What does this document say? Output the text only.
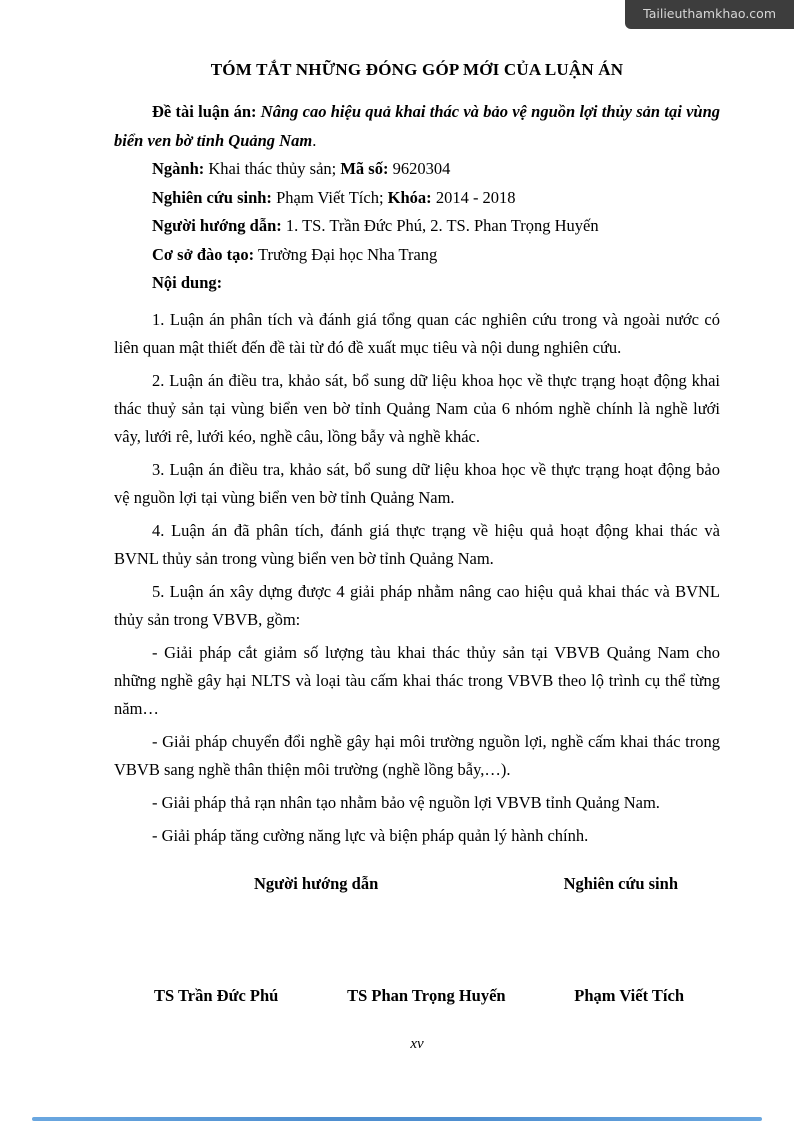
Tailieuthamkhao.com
TÓM TẮT NHỮNG ĐÓNG GÓP MỚI CỦA LUẬN ÁN

Đề tài luận án: Nâng cao hiệu quả khai thác và bảo vệ nguồn lợi thủy sản tại vùng biển ven bờ tỉnh Quảng Nam.

Ngành: Khai thác thủy sản; Mã số: 9620304

Nghiên cứu sinh: Phạm Viết Tích; Khóa: 2014 - 2018

Người hướng dẫn: 1. TS. Trần Đức Phú, 2. TS. Phan Trọng Huyến

Cơ sở đào tạo: Trường Đại học Nha Trang

Nội dung:

1. Luận án phân tích và đánh giá tổng quan các nghiên cứu trong và ngoài nước có liên quan mật thiết đến đề tài từ đó đề xuất mục tiêu và nội dung nghiên cứu.

2. Luận án điều tra, khảo sát, bổ sung dữ liệu khoa học về thực trạng hoạt động khai thác thuỷ sản tại vùng biển ven bờ tỉnh Quảng Nam của 6 nhóm nghề chính là nghề lưới vây, lưới rê, lưới kéo, nghề câu, lồng bẫy và nghề khác.

3. Luận án điều tra, khảo sát, bổ sung dữ liệu khoa học về thực trạng hoạt động bảo vệ nguồn lợi tại vùng biển ven bờ tỉnh Quảng Nam.

4. Luận án đã phân tích, đánh giá thực trạng về hiệu quả hoạt động khai thác và BVNL thủy sản trong vùng biển ven bờ tỉnh Quảng Nam.

5. Luận án xây dựng được 4 giải pháp nhằm nâng cao hiệu quả khai thác và BVNL thủy sản trong VBVB, gồm:

- Giải pháp cắt giảm số lượng tàu khai thác thủy sản tại VBVB Quảng Nam cho những nghề gây hại NLTS và loại tàu cấm khai thác trong VBVB theo lộ trình cụ thể từng năm…

- Giải pháp chuyển đổi nghề gây hại môi trường nguồn lợi, nghề cấm khai thác trong VBVB sang nghề thân thiện môi trường (nghề lồng bẫy,…).

- Giải pháp thả rạn nhân tạo nhằm bảo vệ nguồn lợi VBVB tỉnh Quảng Nam.

- Giải pháp tăng cường năng lực và biện pháp quản lý hành chính.

Người hướng dẫn	Nghiên cứu sinh
TS Trần Đức Phú	TS Phan Trọng Huyến	Phạm Viết Tích
xv
